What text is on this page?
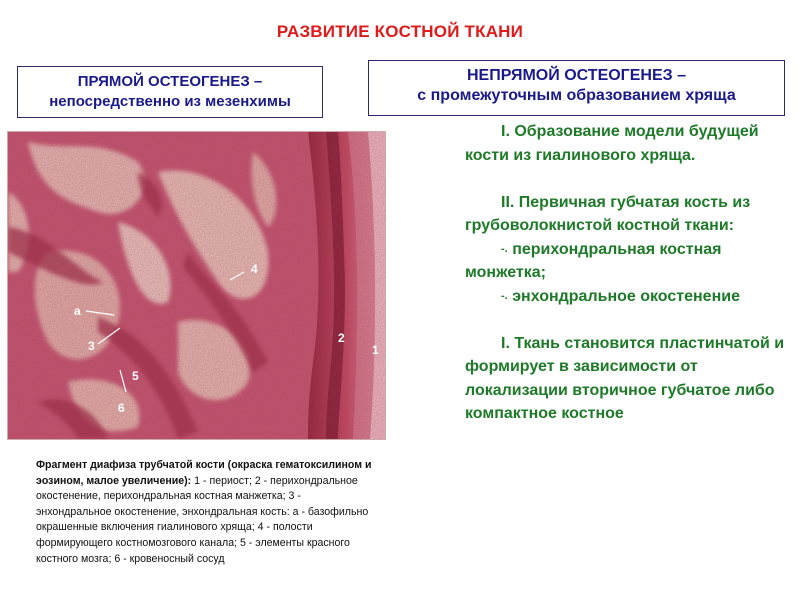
РАЗВИТИЕ КОСТНОЙ ТКАНИ
ПРЯМОЙ ОСТЕОГЕНЕЗ –
непосредственно из мезенхимы
НЕПРЯМОЙ ОСТЕОГЕНЕЗ –
с промежуточным образованием хряща
1
2
3
4
5
6
а
Фрагмент диафиза трубчатой кости (окраска гематоксилином и эозином, малое увеличение): 1 - периост; 2 - перихондральное окостенение, перихондральная костная манжетка; 3 - энхондральное окостенение, энхондральная кость: а - базофильно окрашенные включения гиалинового хряща; 4 - полости формирующего костномозгового канала; 5 - элементы красного костного мозга; 6 - кровеносный сосуд

I. Образование модели будущей кости из гиалинового хряща.

II. Первичная губчатая кость из грубоволокнистой костной ткани:

-. перихондральная костная монжетка;

-. энхондральное окостенение

I. Ткань становится пластинчатой и формирует в зависимости от локализации вторичное губчатое либо компактное костное
